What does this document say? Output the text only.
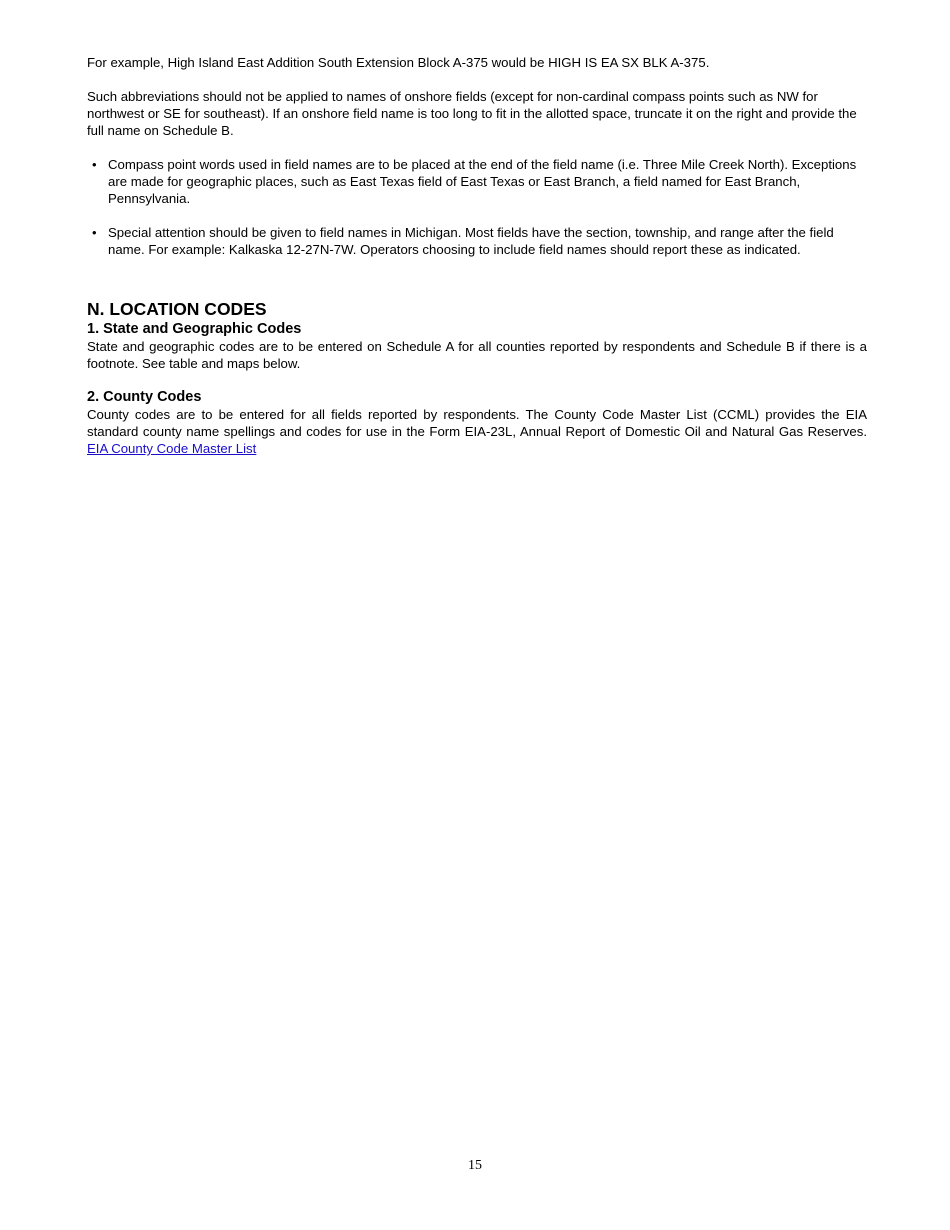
For example, High Island East Addition South Extension Block A-375 would be HIGH IS EA SX BLK A-375.

Such abbreviations should not be applied to names of onshore fields (except for non-cardinal compass points such as NW for northwest or SE for southeast). If an onshore field name is too long to fit in the allotted space, truncate it on the right and provide the full name on Schedule B.

• Compass point words used in field names are to be placed at the end of the field name (i.e. Three Mile Creek North). Exceptions are made for geographic places, such as East Texas field of East Texas or East Branch, a field named for East Branch, Pennsylvania.
• Special attention should be given to field names in Michigan. Most fields have the section, township, and range after the field name. For example: Kalkaska 12-27N-7W. Operators choosing to include field names should report these as indicated.
N. LOCATION CODES
1. State and Geographic Codes

State and geographic codes are to be entered on Schedule A for all counties reported by respondents and Schedule B if there is a footnote. See table and maps below.

2. County Codes

County codes are to be entered for all fields reported by respondents. The County Code Master List (CCML) provides the EIA standard county name spellings and codes for use in the Form EIA-23L, Annual Report of Domestic Oil and Natural Gas Reserves. EIA County Code Master List

15
